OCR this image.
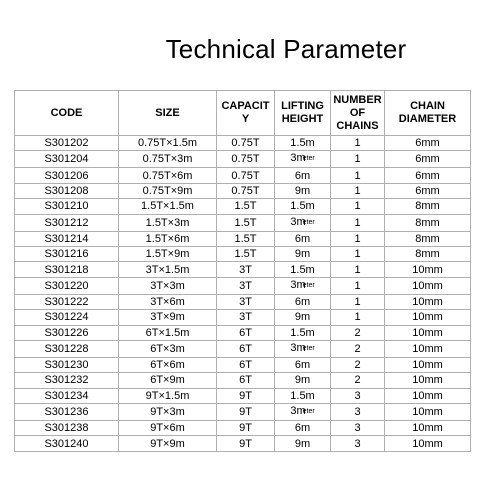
Technical Parameter
CODE	SIZE	CAPACIT Y	LIFTING HEIGHT	NUMBER OF CHAINS	CHAIN DIAMETER
S301202	0.75T×1.5m	0.75T	1.5m	1	6mm
S301204	0.75T×3m	0.75T	3meter	1	6mm
S301206	0.75T×6m	0.75T	6m	1	6mm
S301208	0.75T×9m	0.75T	9m	1	6mm
S301210	1.5T×1.5m	1.5T	1.5m	1	8mm
S301212	1.5T×3m	1.5T	3meter	1	8mm
S301214	1.5T×6m	1.5T	6m	1	8mm
S301216	1.5T×9m	1.5T	9m	1	8mm
S301218	3T×1.5m	3T	1.5m	1	10mm
S301220	3T×3m	3T	3meter	1	10mm
S301222	3T×6m	3T	6m	1	10mm
S301224	3T×9m	3T	9m	1	10mm
S301226	6T×1.5m	6T	1.5m	2	10mm
S301228	6T×3m	6T	3meter	2	10mm
S301230	6T×6m	6T	6m	2	10mm
S301232	6T×9m	6T	9m	2	10mm
S301234	9T×1.5m	9T	1.5m	3	10mm
S301236	9T×3m	9T	3meter	3	10mm
S301238	9T×6m	9T	6m	3	10mm
S301240	9T×9m	9T	9m	3	10mm
